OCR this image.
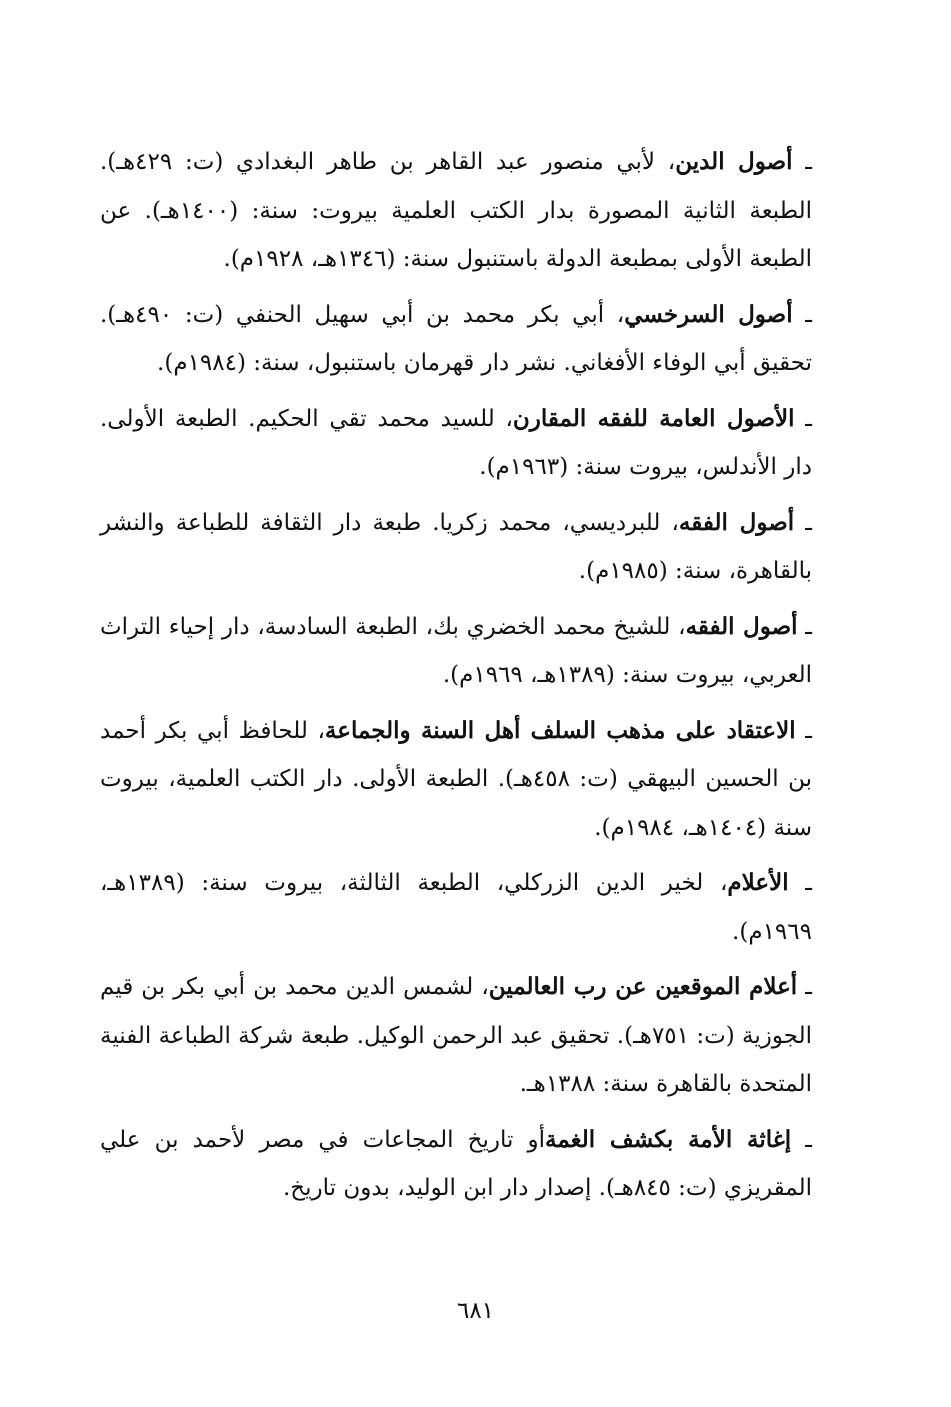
ـ أصول الدين، لأبي منصور عبد القاهر بن طاهر البغدادي (ت: ٤٢٩هـ). الطبعة الثانية المصورة بدار الكتب العلمية بيروت: سنة: (١٤٠٠هـ). عن الطبعة الأولى بمطبعة الدولة باستنبول سنة: (١٣٤٦هـ، ١٩٢٨م).

ـ أصول السرخسي، أبي بكر محمد بن أبي سهيل الحنفي (ت: ٤٩٠هـ). تحقيق أبي الوفاء الأفغاني. نشر دار قهرمان باستنبول، سنة: (١٩٨٤م).

ـ الأصول العامة للفقه المقارن، للسيد محمد تقي الحكيم. الطبعة الأولى. دار الأندلس، بيروت سنة: (١٩٦٣م).

ـ أصول الفقه، للبرديسي، محمد زكريا. طبعة دار الثقافة للطباعة والنشر بالقاهرة، سنة: (١٩٨٥م).

ـ أصول الفقه، للشيخ محمد الخضري بك، الطبعة السادسة، دار إحياء التراث العربي، بيروت سنة: (١٣٨٩هـ، ١٩٦٩م).

ـ الاعتقاد على مذهب السلف أهل السنة والجماعة، للحافظ أبي بكر أحمد بن الحسين البيهقي (ت: ٤٥٨هـ). الطبعة الأولى. دار الكتب العلمية، بيروت سنة (١٤٠٤هـ، ١٩٨٤م).

ـ الأعلام، لخير الدين الزركلي، الطبعة الثالثة، بيروت سنة: (١٣٨٩هـ، ١٩٦٩م).

ـ أعلام الموقعين عن رب العالمين، لشمس الدين محمد بن أبي بكر بن قيم الجوزية (ت: ٧٥١هـ). تحقيق عبد الرحمن الوكيل. طبعة شركة الطباعة الفنية المتحدة بالقاهرة سنة: ١٣٨٨هـ.

ـ إغاثة الأمة بكشف الغمةأو تاريخ المجاعات في مصر لأحمد بن علي المقريزي (ت: ٨٤٥هـ). إصدار دار ابن الوليد، بدون تاريخ.

٦٨١
